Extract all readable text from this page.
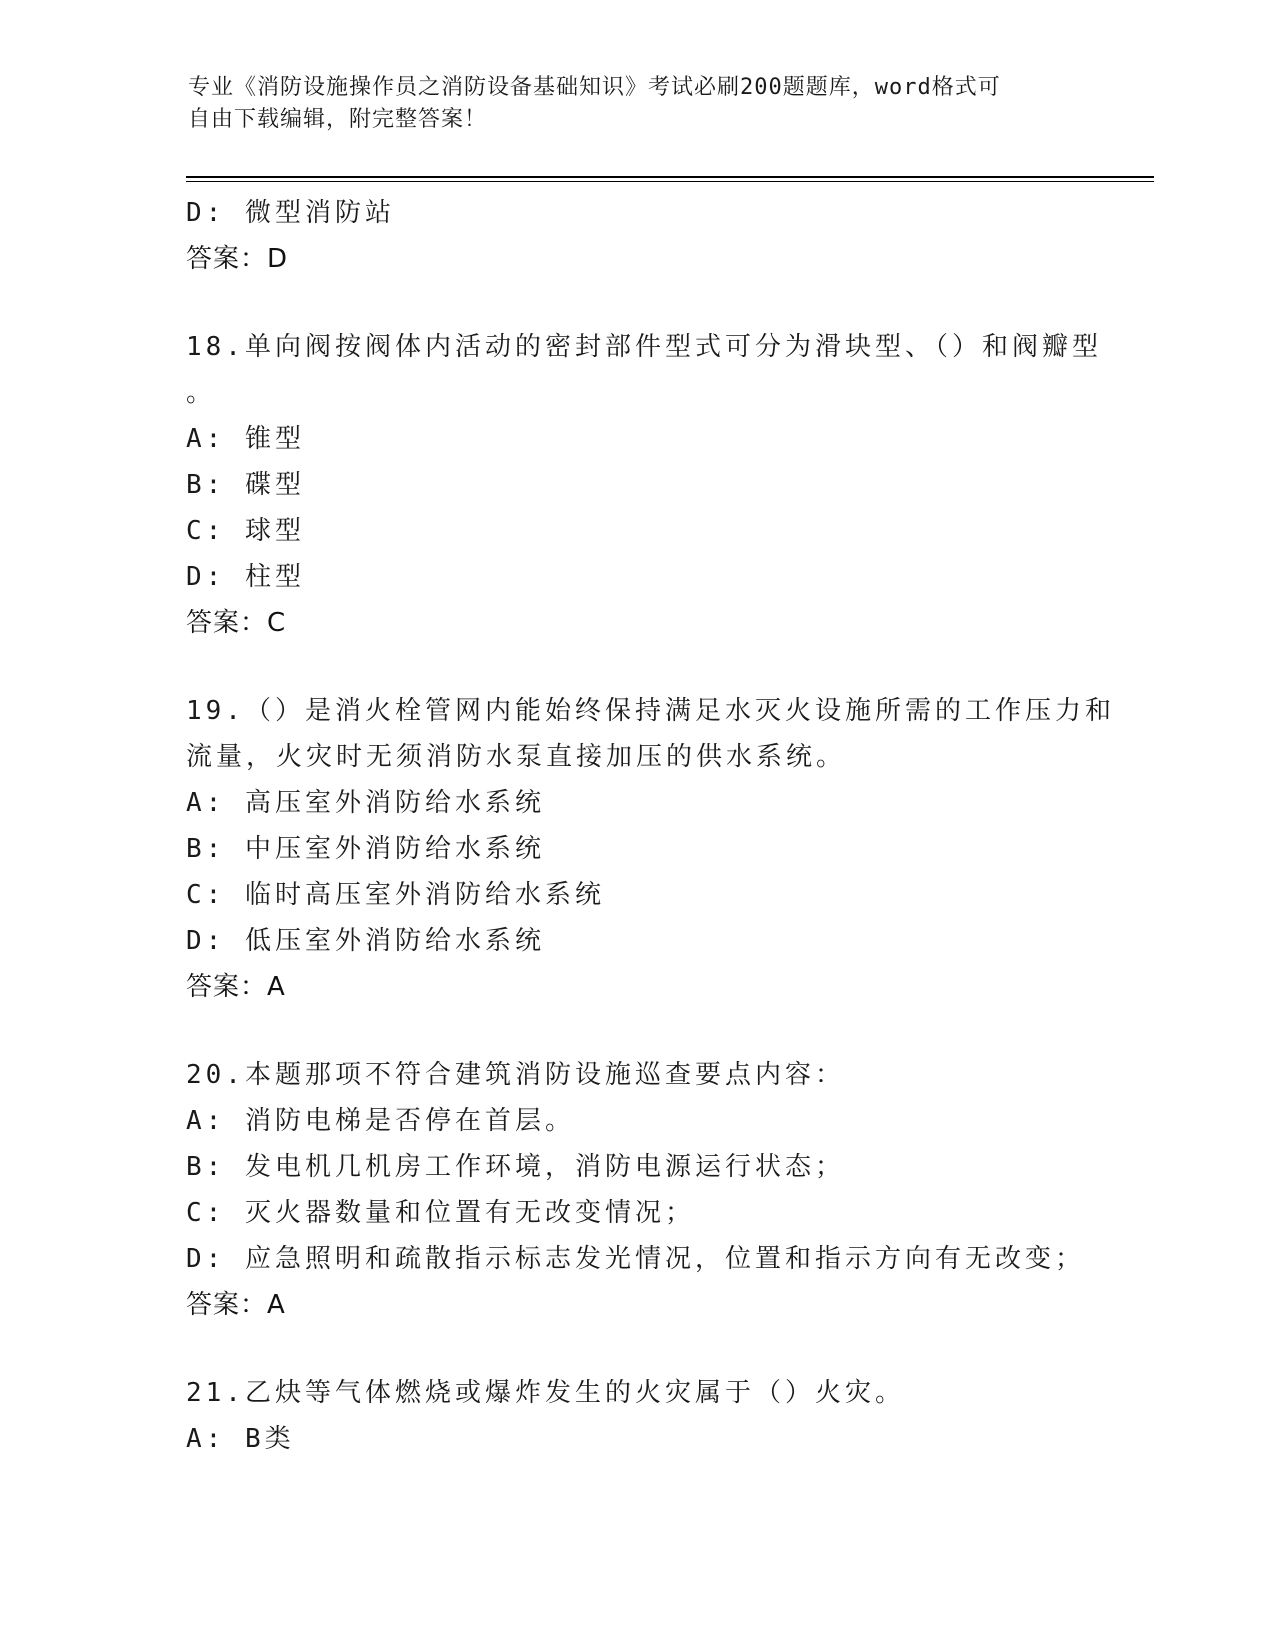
专业《消防设施操作员之消防设备基础知识》考试必刷200题题库，word格式可
自由下载编辑，附完整答案！
D: 微型消防站
答案：D
18.单向阀按阀体内活动的密封部件型式可分为滑块型、（）和阀瓣型
。
A: 锥型
B: 碟型
C: 球型
D: 柱型
答案：C
19.（）是消火栓管网内能始终保持满足水灭火设施所需的工作压力和
流量，火灾时无须消防水泵直接加压的供水系统。
A: 高压室外消防给水系统
B: 中压室外消防给水系统
C: 临时高压室外消防给水系统
D: 低压室外消防给水系统
答案：A
20.本题那项不符合建筑消防设施巡查要点内容：
A: 消防电梯是否停在首层。
B: 发电机几机房工作环境，消防电源运行状态；
C: 灭火器数量和位置有无改变情况；
D: 应急照明和疏散指示标志发光情况，位置和指示方向有无改变；
答案：A
21.乙炔等气体燃烧或爆炸发生的火灾属于（）火灾。
A: B类
